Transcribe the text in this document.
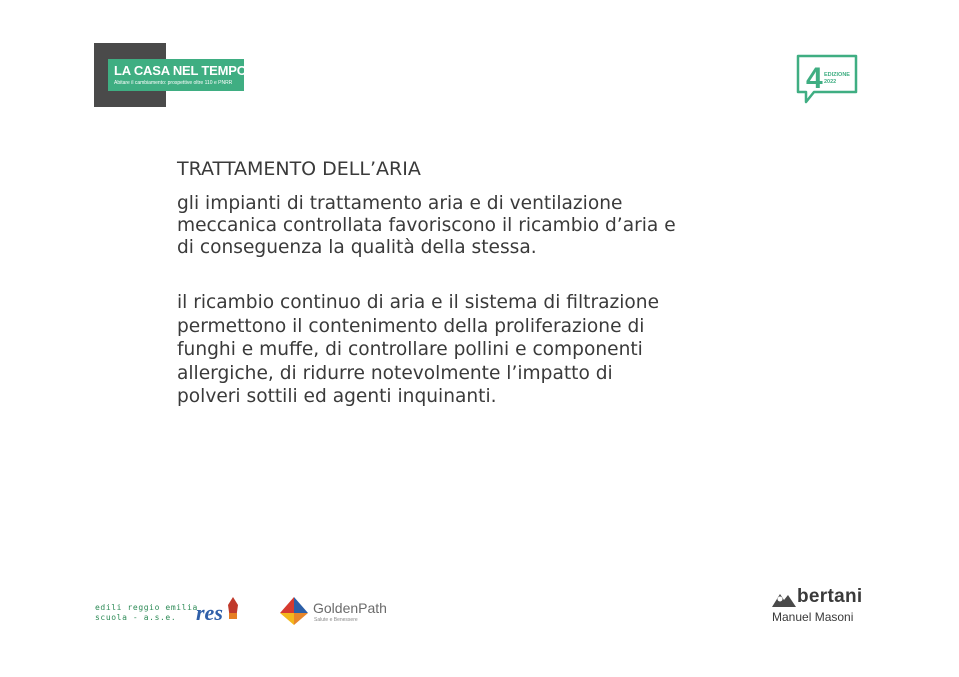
LA CASA NEL TEMPO
Abitare il cambiamento: prospettive oltre 110 e PNRR	4 EDIZIONE
2022
TRATTAMENTO DELL’ARIA
gli impianti di trattamento aria e di ventilazione
meccanica controllata favoriscono il ricambio d’aria e
di conseguenza la qualità della stessa.
il ricambio continuo di aria e il sistema di filtrazione
permettono il contenimento della proliferazione di
funghi e muffe, di controllare pollini e componenti
allergiche, di ridurre notevolmente l’impatto di
polveri sottili ed agenti inquinanti.
edili reggio emilia
scuola - a.s.e. res	GoldenPath
Salute e Benessere
bertani
Manuel Masoni
